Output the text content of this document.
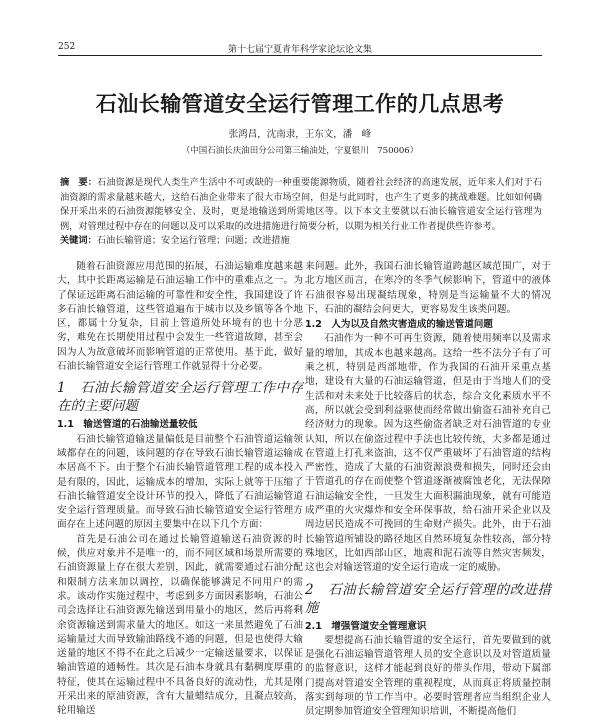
252	第十七届宁夏青年科学家论坛论文集
石汕长输管道安全运行管理工作的几点思考
张鸿昌，沈南隶，王东文，潘　峰
（中国石油长庆油田分公司第三输油处，宁夏银川　750006）
摘　要：石油资源是现代人类生产生活中不可或缺的一种重要能源物质，随着社会经济的高速发展，近年来人们对于石油资源的需求量越来越大，这给石油企业带来了很大市场空间，但是与此同时，也产生了更多的挑战难题。比如如何确保开采出来的石油资源能够安全、及时，更是地输送到所需地区等。以下本文主要就以石油长输管道安全运行管理为例，对管理过程中存在的问题以及可以采取的改进措施进行简要分析，以期为相关行业工作者提供些许参考。
关键词：石油长输管道；安全运行管理；问题；改进措施

随着石油资源应用范围的拓展，石油运输难度越来越大，其中长距离运输是石油运输工作中的重难点之一。为了保证远距离石油运输的可靠性和安全性，我国建设了许多石油长输管道，这些管道遍布于城市以及乡镇等各个地区，都属十分复杂，目前上管道所处环境有的也十分恶劣，难免在长期使用过程中会发生一些管道故障，甚至会因为人为故意破坏而影响管道的正常使用。基于此，做好石油长输管道安全运行管理工作就显得十分必要。

1　石油长输管道安全运行管理工作中存在的主要问题
1.1　输送管道的石油输送量较低

石油长输管道输送量偏低是目前整个石油管道运输领域都存在的问题，该问题的存在导致石油长输管道运输成本居高不下。由于整个石油长输管道管理工程的成本投入是有限的，因此，运输成本的增加，实际上就等于压缩了石油长输管道安全设计环节的投入，降低了石油运输管道安全运行管理质量。而导致石油长输管道安全运行管理方面存在上述问题的原因主要集中在以下几个方面：

首先是石油公司在通过长输管道输送石油资源的时候，供应对象并不是唯一的，而不同区域和场景所需要的石油资源量上存在很大差别，因此，就需要通过石油分配和限制方法来加以调控，以确保能够满足不同用户的需求。该动作实施过程中，考虑到多方面因素影响，石油公司会选择让石油资源先输送到用量小的地区，然后再将剩余资源输送到需求量大的地区。如这一来虽然避免了石油运输量过大而导致输油路线不通的问题，但是也使得大输送量的地区不得不在此之后减少一定输送量要求，以保证输油管道的通畅性。其次是石油本身就具有黏稠度厚重的特征，使其在运输过程中不具备良好的流动性，尤其是刚开采出来的原油资源，含有大量蜡结成分，且凝点较高，轮用输送

来问题。此外，我国石油长输管道跨越区域范围广，对于北方地区而言，在寒冷的冬季气候影响下，管道中的液体石油很容易出现凝结现象，特别是当运输量不大的情况下，石油的凝结会问更大，更容易发生该类问题。

1.2　人为以及自然灾害造成的输送管道问题

石油作为一种不可再生资源，随着使用频率以及需求量的增加，其成本也越来越高。这给一些不法分子有了可乘之机，特别是西部地带，作为我国的石油开采重点基地，建设有大量的石油运输管道，但是由于当地人们的受生活和对未来处于比较落后的状态，综合文化素质水平不高，所以就会受到利益驱使而经常做出偷盗石油补充自己经济财力的现象。因为这些偷盗者缺乏对石油管道的专业认知，所以在偷盗过程中手法也比较传统，大多都是通过在管道上打孔来盗油，这不仅严重破坏了石油管道的结构严密性，造成了大量的石油资源浪费和损失，同时还会由于管道孔的存在而使整个管道逐渐被腐蚀老化，无法保障石油运输安全性，一旦发生大面积漏油现象，就有可能造成严重的火灾爆炸和安全环保事故，给石油开采企业以及周边居民造成不可挽回的生命财产损失。此外，由于石油长输管道所铺设的路径地区自然环境复杂性较高，部分特殊地区，比如西部山区，地震和泥石流等自然灾害频发，这也会对输送管道的安全运行造成一定的威胁。

2　石油长输管道安全运行管理的改进措施
2.1　增强管道安全管理意识

要想提高石油长输管道的安全运行，首先要做到的就是强化石油运输管道管理人员的安全意识以及对管道质量的监督意识，这样才能起到良好的带头作用，带动下属部门提高对管道安全管理的重视程度，从而真正将质量控制落实到每项的节工作当中。必要时管理者应当组织企业人员定期参加管道安全管理知识培训，不断提高他们
